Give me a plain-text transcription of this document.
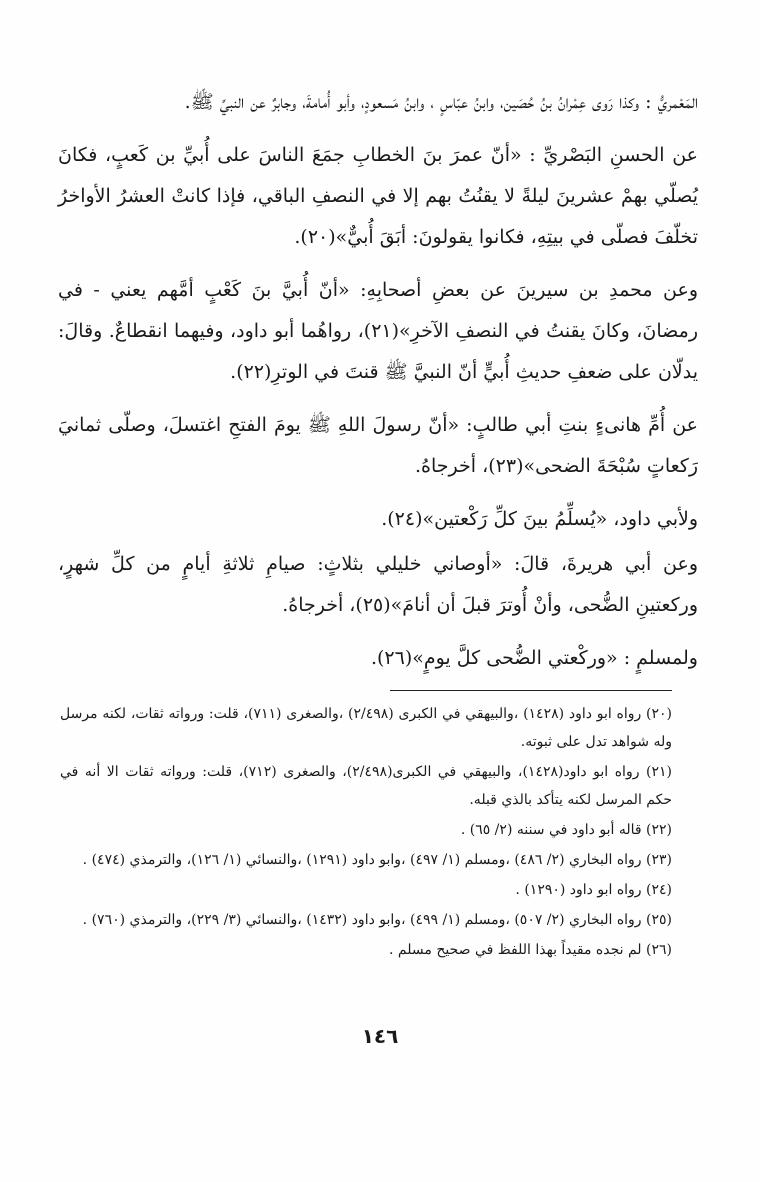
المَعْمريُّ : وكذا رَوى عِمْرانُ بنُ حُصَين، وابنُ عبّاسٍ ، وابنُ مَسعودٍ، وأبو أُمامةَ، وجابرٌ عن النبيِّ ﷺ.

عن الحسنِ البَصْريِّ : «أنّ عمرَ بنَ الخطابِ جمَعَ الناسَ على أُبيِّ بن كَعبٍ، فكانَ يُصلّي بهمْ عشرينَ ليلةً لا يقنُتُ بهم إلا في النصفِ الباقي، فإذا كانتْ العشرُ الأواخرُ تخلّفَ فصلّى في بيتِهِ، فكانوا يقولونَ: أبَقَ أُبيٌّ»(٢٠).

وعن محمدِ بن سيرينَ عن بعضِ أصحابِهِ: «أنّ أُبيَّ بنَ كَعْبٍ أمَّهم يعني - في رمضانَ، وكانَ يقنتُ في النصفِ الآخرِ»(٢١)، رواهُما أبو داود، وفيهما انقطاعٌ. وقالَ: يدلّان على ضعفِ حديثِ أُبيٍّ أنّ النبيَّ ﷺ قنتَ في الوترِ(٢٢).

عن أُمِّ هانىءٍ بنتِ أبي طالبٍ: «أنّ رسولَ اللهِ ﷺ يومَ الفتحِ اغتسلَ، وصلّى ثمانيَ رَكعاتٍ سُبْحَةَ الضحى»(٢٣)، أخرجاهُ.

ولأبي داود، «يُسلِّمُ بينَ كلِّ رَكْعتين»(٢٤).

وعن أبي هريرةَ، قالَ: «أوصاني خليلي بثلاثٍ: صيامِ ثلاثةِ أيامٍ من كلِّ شهرٍ، وركعتينِ الضُّحى، وأنْ أُوترَ قبلَ أن أنامَ»(٢٥)، أخرجاهُ.

ولمسلمٍ : «وركْعتي الضُّحى كلَّ يومٍ»(٢٦).

(٢٠) رواه ابو داود (١٤٢٨) ،والبيهقي في الكبرى (٢/٤٩٨) ،والصغرى (٧١١)، قلت: ورواته ثقات، لكنه مرسل وله شواهد تدل على ثبوته.

(٢١) رواه ابو داود(١٤٢٨)، والبيهقي في الكبرى(٢/٤٩٨)، والصغرى (٧١٢)، قلت: ورواته ثقات الا أنه في حكم المرسل لكنه يتأكد بالذي قبله.

(٢٢) قاله أبو داود في سننه (٢/ ٦٥) .

(٢٣) رواه البخاري (٢/ ٤٨٦) ،ومسلم (١/ ٤٩٧) ،وابو داود (١٢٩١) ،والنسائي (١/ ١٢٦)، والترمذي (٤٧٤) .

(٢٤) رواه ابو داود (١٢٩٠) .

(٢٥) رواه البخاري (٢/ ٥٠٧) ،ومسلم (١/ ٤٩٩) ،وابو داود (١٤٣٢) ،والنسائي (٣/ ٢٢٩)، والترمذي (٧٦٠) .

(٢٦) لم نجده مقيداً بهذا اللفظ في صحيح مسلم .

١٤٦
